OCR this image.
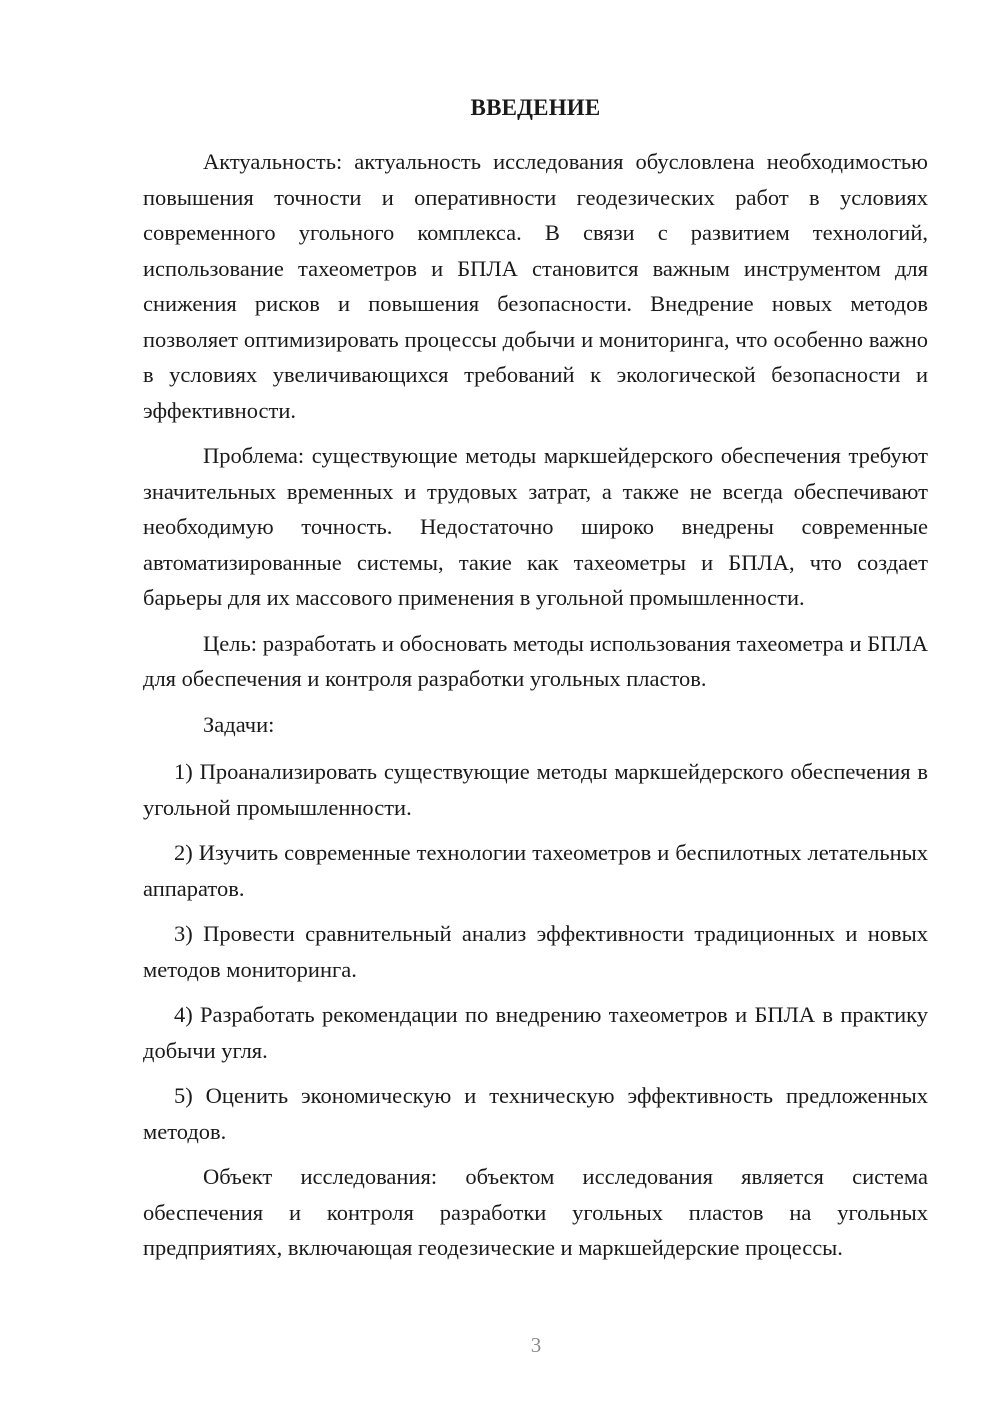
ВВЕДЕНИЕ

Актуальность: актуальность исследования обусловлена необходимостью повышения точности и оперативности геодезических работ в условиях современного угольного комплекса. В связи с развитием технологий, использование тахеометров и БПЛА становится важным инструментом для снижения рисков и повышения безопасности. Внедрение новых методов позволяет оптимизировать процессы добычи и мониторинга, что особенно важно в условиях увеличивающихся требований к экологической безопасности и эффективности.

Проблема: существующие методы маркшейдерского обеспечения требуют значительных временных и трудовых затрат, а также не всегда обеспечивают необходимую точность. Недостаточно широко внедрены современные автоматизированные системы, такие как тахеометры и БПЛА, что создает барьеры для их массового применения в угольной промышленности.

Цель: разработать и обосновать методы использования тахеометра и БПЛА для обеспечения и контроля разработки угольных пластов.

Задачи:

1) Проанализировать существующие методы маркшейдерского обеспечения в угольной промышленности.

2) Изучить современные технологии тахеометров и беспилотных летательных аппаратов.

3) Провести сравнительный анализ эффективности традиционных и новых методов мониторинга.

4) Разработать рекомендации по внедрению тахеометров и БПЛА в практику добычи угля.

5) Оценить экономическую и техническую эффективность предложенных методов.

Объект исследования: объектом исследования является система обеспечения и контроля разработки угольных пластов на угольных предприятиях, включающая геодезические и маркшейдерские процессы.

3
